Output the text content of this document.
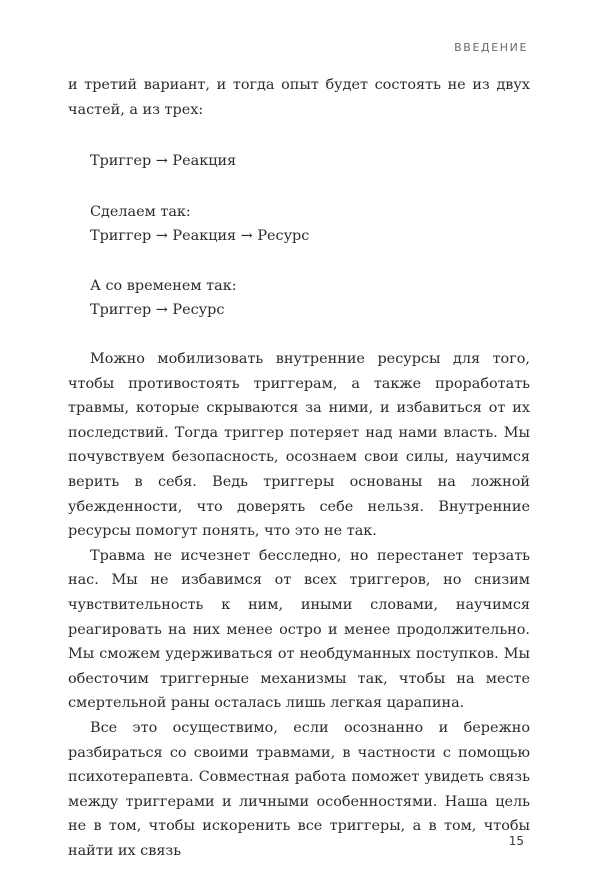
ВВЕДЕНИЕ

и третий вариант, и тогда опыт будет состоять не из двух частей, а из трех:

Триггер → Реакция
Сделаем так:
Триггер → Реакция → Ресурс
А со временем так:
Триггер → Ресурс

Можно мобилизовать внутренние ресурсы для того, чтобы противостоять триггерам, а также проработать травмы, которые скрываются за ними, и избавиться от их последствий. Тогда триггер потеряет над нами власть. Мы почувствуем безопасность, осознаем свои силы, научимся верить в себя. Ведь триггеры основаны на ложной убежденности, что доверять себе нельзя. Внутренние ресурсы помогут понять, что это не так.

Травма не исчезнет бесследно, но перестанет терзать нас. Мы не избавимся от всех триггеров, но снизим чувствительность к ним, иными словами, научимся реагировать на них менее остро и менее продолжительно. Мы сможем удерживаться от необдуманных поступков. Мы обесточим триггерные механизмы так, чтобы на месте смертельной раны осталась лишь легкая царапина.

Все это осуществимо, если осознанно и бережно разбираться со своими травмами, в частности с помощью психотерапевта. Совместная работа поможет увидеть связь между триггерами и личными особенностями. Наша цель не в том, чтобы искоренить все триггеры, а в том, чтобы найти их связь

15
